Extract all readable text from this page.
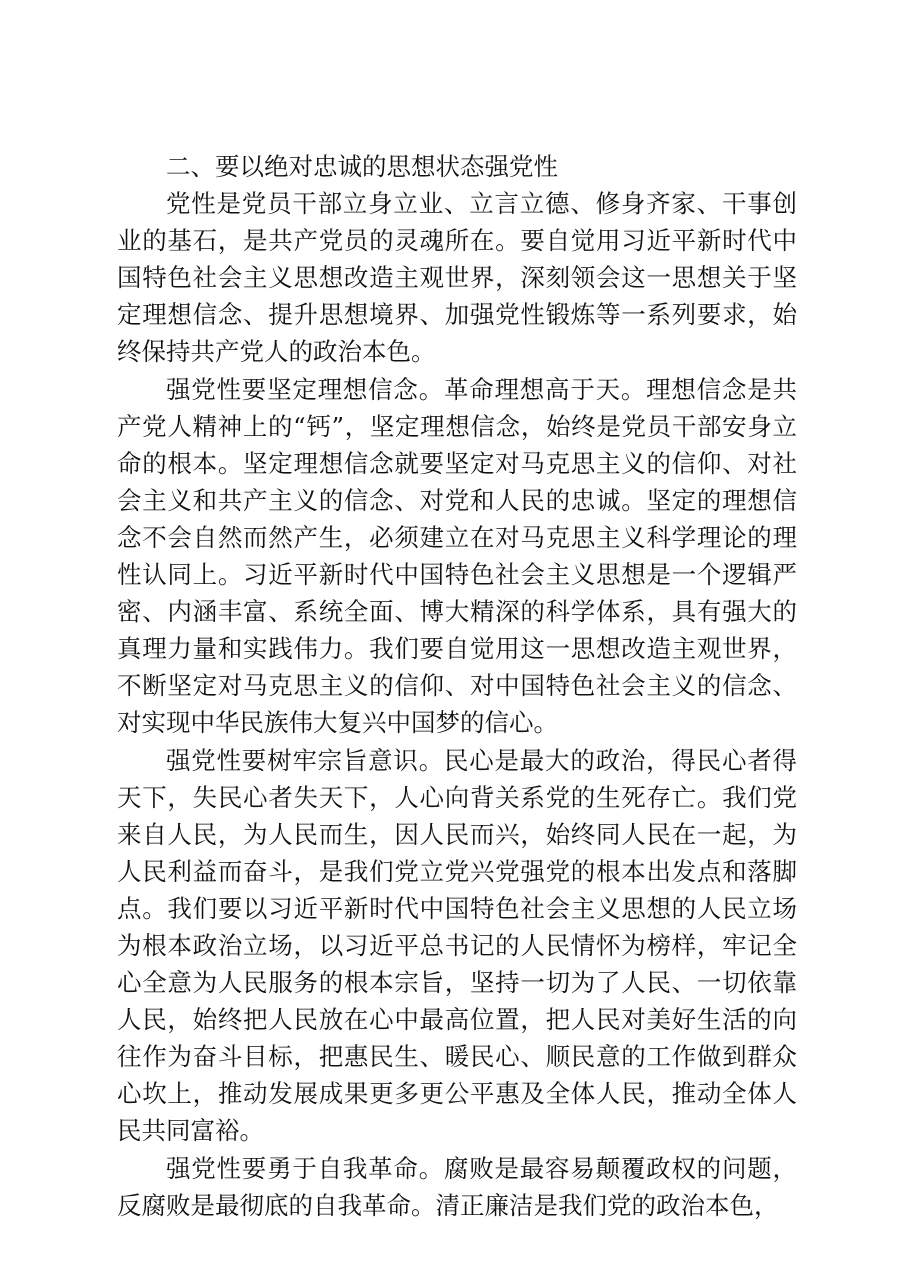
二、要以绝对忠诚的思想状态强党性

党性是党员干部立身立业、立言立德、修身齐家、干事创业的基石，是共产党员的灵魂所在。要自觉用习近平新时代中国特色社会主义思想改造主观世界，深刻领会这一思想关于坚定理想信念、提升思想境界、加强党性锻炼等一系列要求，始终保持共产党人的政治本色。

强党性要坚定理想信念。革命理想高于天。理想信念是共产党人精神上的“钙”，坚定理想信念，始终是党员干部安身立命的根本。坚定理想信念就要坚定对马克思主义的信仰、对社会主义和共产主义的信念、对党和人民的忠诚。坚定的理想信念不会自然而然产生，必须建立在对马克思主义科学理论的理性认同上。习近平新时代中国特色社会主义思想是一个逻辑严密、内涵丰富、系统全面、博大精深的科学体系，具有强大的真理力量和实践伟力。我们要自觉用这一思想改造主观世界，不断坚定对马克思主义的信仰、对中国特色社会主义的信念、对实现中华民族伟大复兴中国梦的信心。

强党性要树牢宗旨意识。民心是最大的政治，得民心者得天下，失民心者失天下，人心向背关系党的生死存亡。我们党来自人民，为人民而生，因人民而兴，始终同人民在一起，为人民利益而奋斗，是我们党立党兴党强党的根本出发点和落脚点。我们要以习近平新时代中国特色社会主义思想的人民立场为根本政治立场，以习近平总书记的人民情怀为榜样，牢记全心全意为人民服务的根本宗旨，坚持一切为了人民、一切依靠人民，始终把人民放在心中最高位置，把人民对美好生活的向往作为奋斗目标，把惠民生、暖民心、顺民意的工作做到群众心坎上，推动发展成果更多更公平惠及全体人民，推动全体人民共同富裕。

强党性要勇于自我革命。腐败是最容易颠覆政权的问题，反腐败是最彻底的自我革命。清正廉洁是我们党的政治本色，
